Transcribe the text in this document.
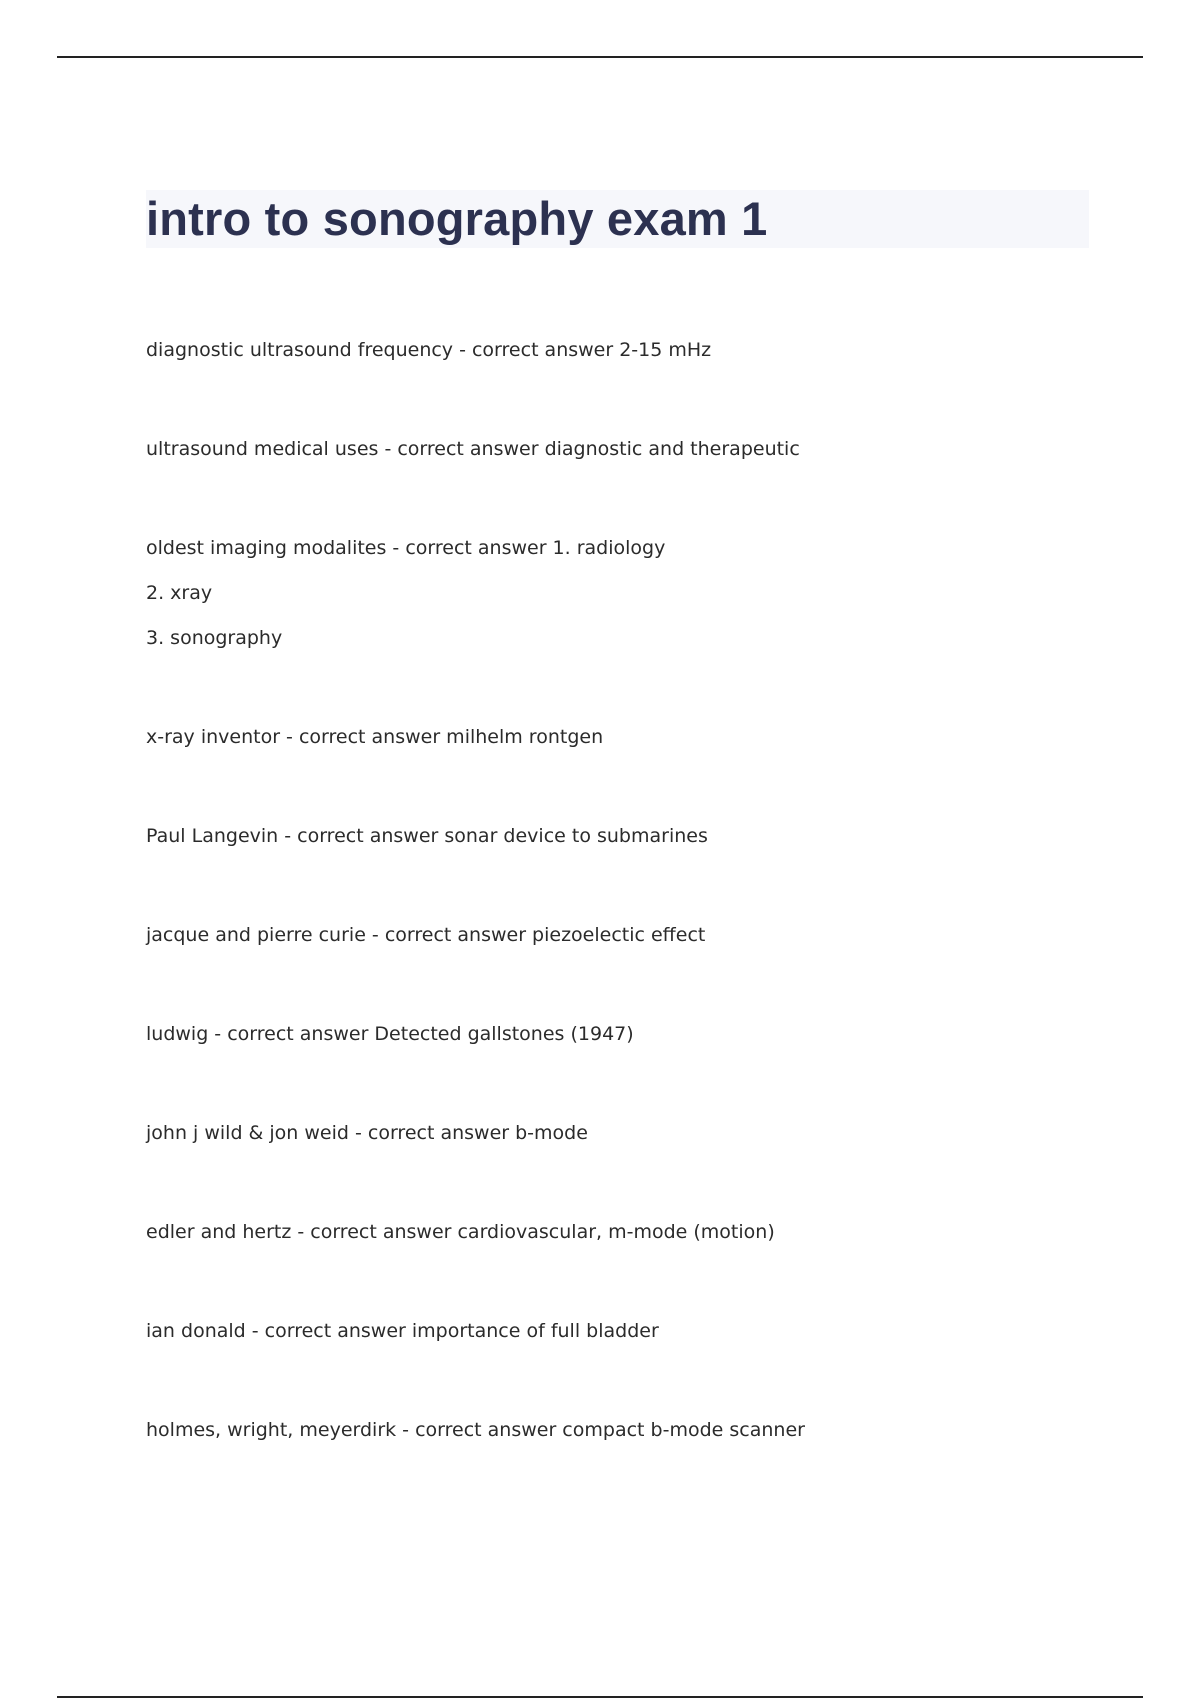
intro to sonography exam 1

diagnostic ultrasound frequency - correct answer 2-15 mHz

ultrasound medical uses - correct answer diagnostic and therapeutic

oldest imaging modalites - correct answer 1. radiology

2. xray

3. sonography

x-ray inventor - correct answer milhelm rontgen

Paul Langevin - correct answer sonar device to submarines

jacque and pierre curie - correct answer piezoelectic effect

ludwig - correct answer Detected gallstones (1947)

john j wild & jon weid - correct answer b-mode

edler and hertz - correct answer cardiovascular, m-mode (motion)

ian donald - correct answer importance of full bladder

holmes, wright, meyerdirk - correct answer compact b-mode scanner
